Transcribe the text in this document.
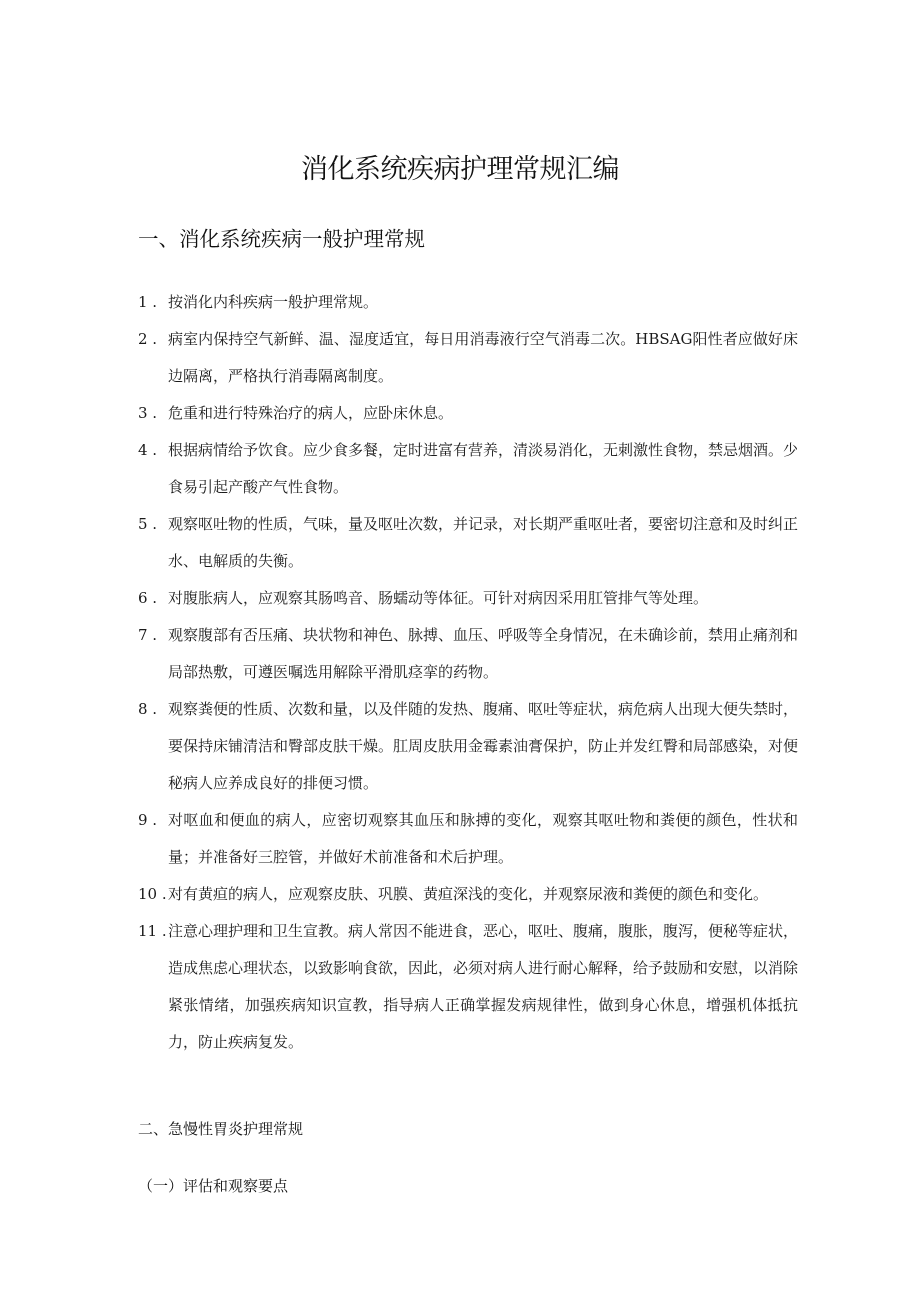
消化系统疾病护理常规汇编
一、消化系统疾病一般护理常规
1 . 按消化内科疾病一般护理常规。
2 . 病室内保持空气新鲜、温、湿度适宜，每日用消毒液行空气消毒二次。HBSAG阳性者应做好床边隔离，严格执行消毒隔离制度。
3 . 危重和进行特殊治疗的病人，应卧床休息。
4 . 根据病情给予饮食。应少食多餐，定时进富有营养，清淡易消化，无刺激性食物，禁忌烟酒。少食易引起产酸产气性食物。
5 . 观察呕吐物的性质，气味，量及呕吐次数，并记录，对长期严重呕吐者，要密切注意和及时纠正水、电解质的失衡。
6 . 对腹胀病人，应观察其肠鸣音、肠蠕动等体征。可针对病因采用肛管排气等处理。
7 . 观察腹部有否压痛、块状物和神色、脉搏、血压、呼吸等全身情况，在未确诊前，禁用止痛剂和局部热敷，可遵医嘱选用解除平滑肌痉挛的药物。
8 . 观察粪便的性质、次数和量，以及伴随的发热、腹痛、呕吐等症状，病危病人出现大便失禁时，要保持床铺清洁和臀部皮肤干燥。肛周皮肤用金霉素油膏保护，防止并发红臀和局部感染，对便秘病人应养成良好的排便习惯。
9 . 对呕血和便血的病人，应密切观察其血压和脉搏的变化，观察其呕吐物和粪便的颜色，性状和量；并准备好三腔管，并做好术前准备和术后护理。
10 . 对有黄疸的病人，应观察皮肤、巩膜、黄疸深浅的变化，并观察尿液和粪便的颜色和变化。
11 . 注意心理护理和卫生宣教。病人常因不能进食，恶心，呕吐、腹痛，腹胀，腹泻，便秘等症状，造成焦虑心理状态，以致影响食欲，因此，必须对病人进行耐心解释，给予鼓励和安慰，以消除紧张情绪，加强疾病知识宣教，指导病人正确掌握发病规律性，做到身心休息，增强机体抵抗力，防止疾病复发。
二、急慢性胃炎护理常规
（一）评估和观察要点
